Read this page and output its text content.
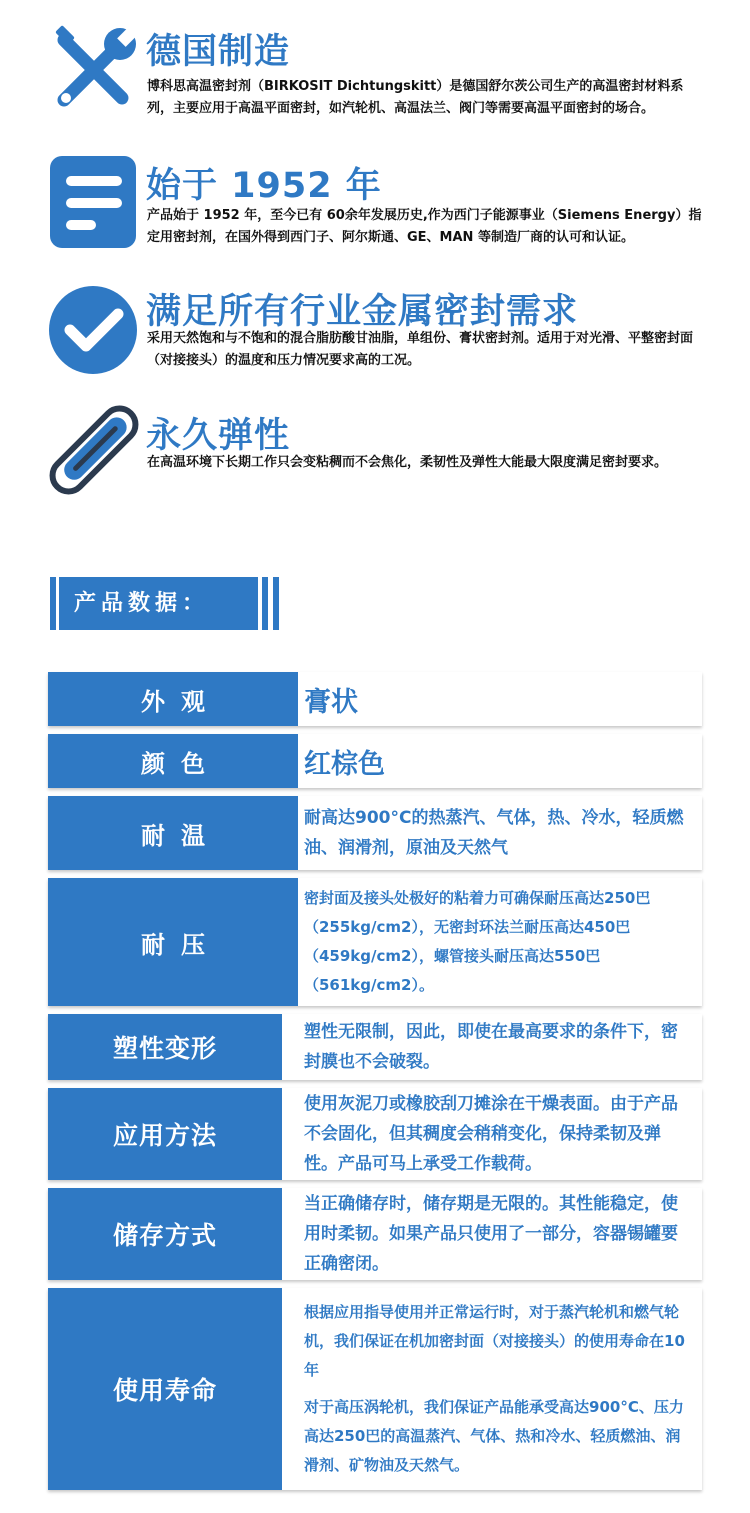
德国制造
博科思高温密封剂（BIRKOSIT Dichtungskitt）是德国舒尔茨公司生产的高温密封材料系列，主要应用于高温平面密封，如汽轮机、高温法兰、阀门等需要高温平面密封的场合。
始于 1952 年
产品始于 1952 年，至今已有 60余年发展历史,作为西门子能源事业（Siemens Energy）指定用密封剂，在国外得到西门子、阿尔斯通、GE、MAN 等制造厂商的认可和认证。
满足所有行业金属密封需求
采用天然饱和与不饱和的混合脂肪酸甘油脂，单组份、膏状密封剂。适用于对光滑、平整密封面（对接接头）的温度和压力情况要求高的工况。
永久弹性
在高温环境下长期工作只会变粘稠而不会焦化，柔韧性及弹性大能最大限度满足密封要求。
产品数据：
外观	膏状

颜色	红棕色

耐温

耐高达900°C的热蒸汽、气体，热、冷水，轻质燃油、润滑剂，原油及天然气

耐压

密封面及接头处极好的粘着力可确保耐压高达250巴（255kg/cm2），无密封环法兰耐压高达450巴（459kg/cm2），螺管接头耐压高达550巴（561kg/cm2）。

塑性变形

塑性无限制，因此，即使在最高要求的条件下，密封膜也不会破裂。

应用方法

使用灰泥刀或橡胶刮刀摊涂在干燥表面。由于产品不会固化，但其稠度会稍稍变化，保持柔韧及弹性。产品可马上承受工作载荷。

储存方式

当正确储存时，储存期是无限的。其性能稳定，使用时柔韧。如果产品只使用了一部分，容器锡罐要正确密闭。

使用寿命

根据应用指导使用并正常运行时，对于蒸汽轮机和燃气轮机，我们保证在机加密封面（对接接头）的使用寿命在10年

对于高压涡轮机，我们保证产品能承受高达900°C、压力高达250巴的高温蒸汽、气体、热和冷水、轻质燃油、润滑剂、矿物油及天然气。
